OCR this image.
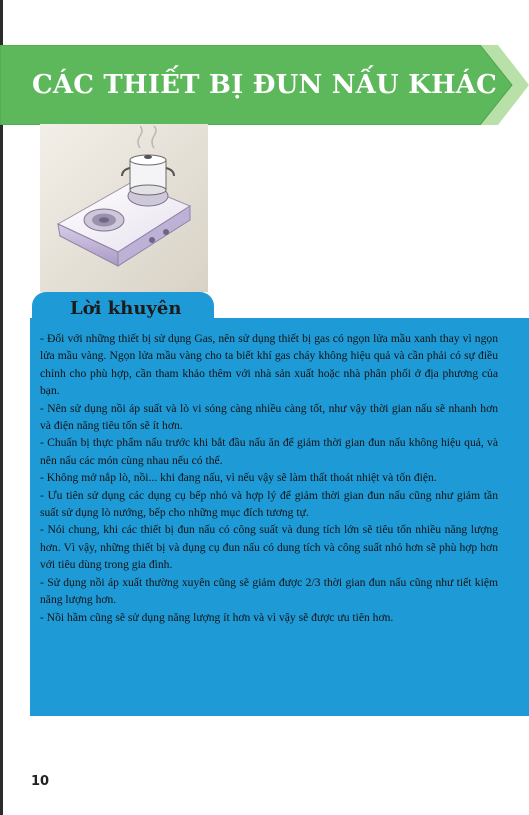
CÁC THIẾT BỊ ĐUN NẤU KHÁC
Lời khuyên
- Đối với những thiết bị sử dụng Gas, nên sử dụng thiết bị gas có ngọn lửa mầu xanh thay vì ngọn lửa mầu vàng. Ngọn lửa mầu vàng cho ta biết khí gas cháy không hiệu quả và cần phải có sự điều chỉnh cho phù hợp, cần tham khảo thêm với nhà sản xuất hoặc nhà phân phối ở địa phương của bạn.
- Nên sử dụng nồi áp suất và lò vi sóng càng nhiều càng tốt, như vậy thời gian nấu sẽ nhanh hơn và điện năng tiêu tốn sẽ ít hơn.
- Chuẩn bị thực phẩm nấu trước khi bắt đầu nấu ăn để giảm thời gian đun nấu không hiệu quả, và nên nấu các món cùng nhau nếu có thể.
- Không mở nắp lò, nồi... khi đang nấu, vì nếu vậy sẽ làm thất thoát nhiệt và tốn điện.
- Ưu tiên sử dụng các dụng cụ bếp nhỏ và hợp lý để giảm thời gian đun nấu cũng như giảm tần suất sử dụng lò nướng, bếp cho những mục đích tương tự.
- Nói chung, khi các thiết bị đun nấu có công suất và dung tích lớn sẽ tiêu tốn nhiều năng lượng hơn. Vì vậy, những thiết bị và dụng cụ đun nấu có dung tích và công suất nhỏ hơn sẽ phù hợp hơn với tiêu dùng trong gia đình.
- Sử dụng nồi áp xuất thường xuyên cũng sẽ giảm được 2/3 thời gian đun nấu cũng như tiết kiệm năng lượng hơn.
- Nồi hầm cũng sẽ sử dụng năng lượng ít hơn và vì vậy sẽ được ưu tiên hơn.
10
